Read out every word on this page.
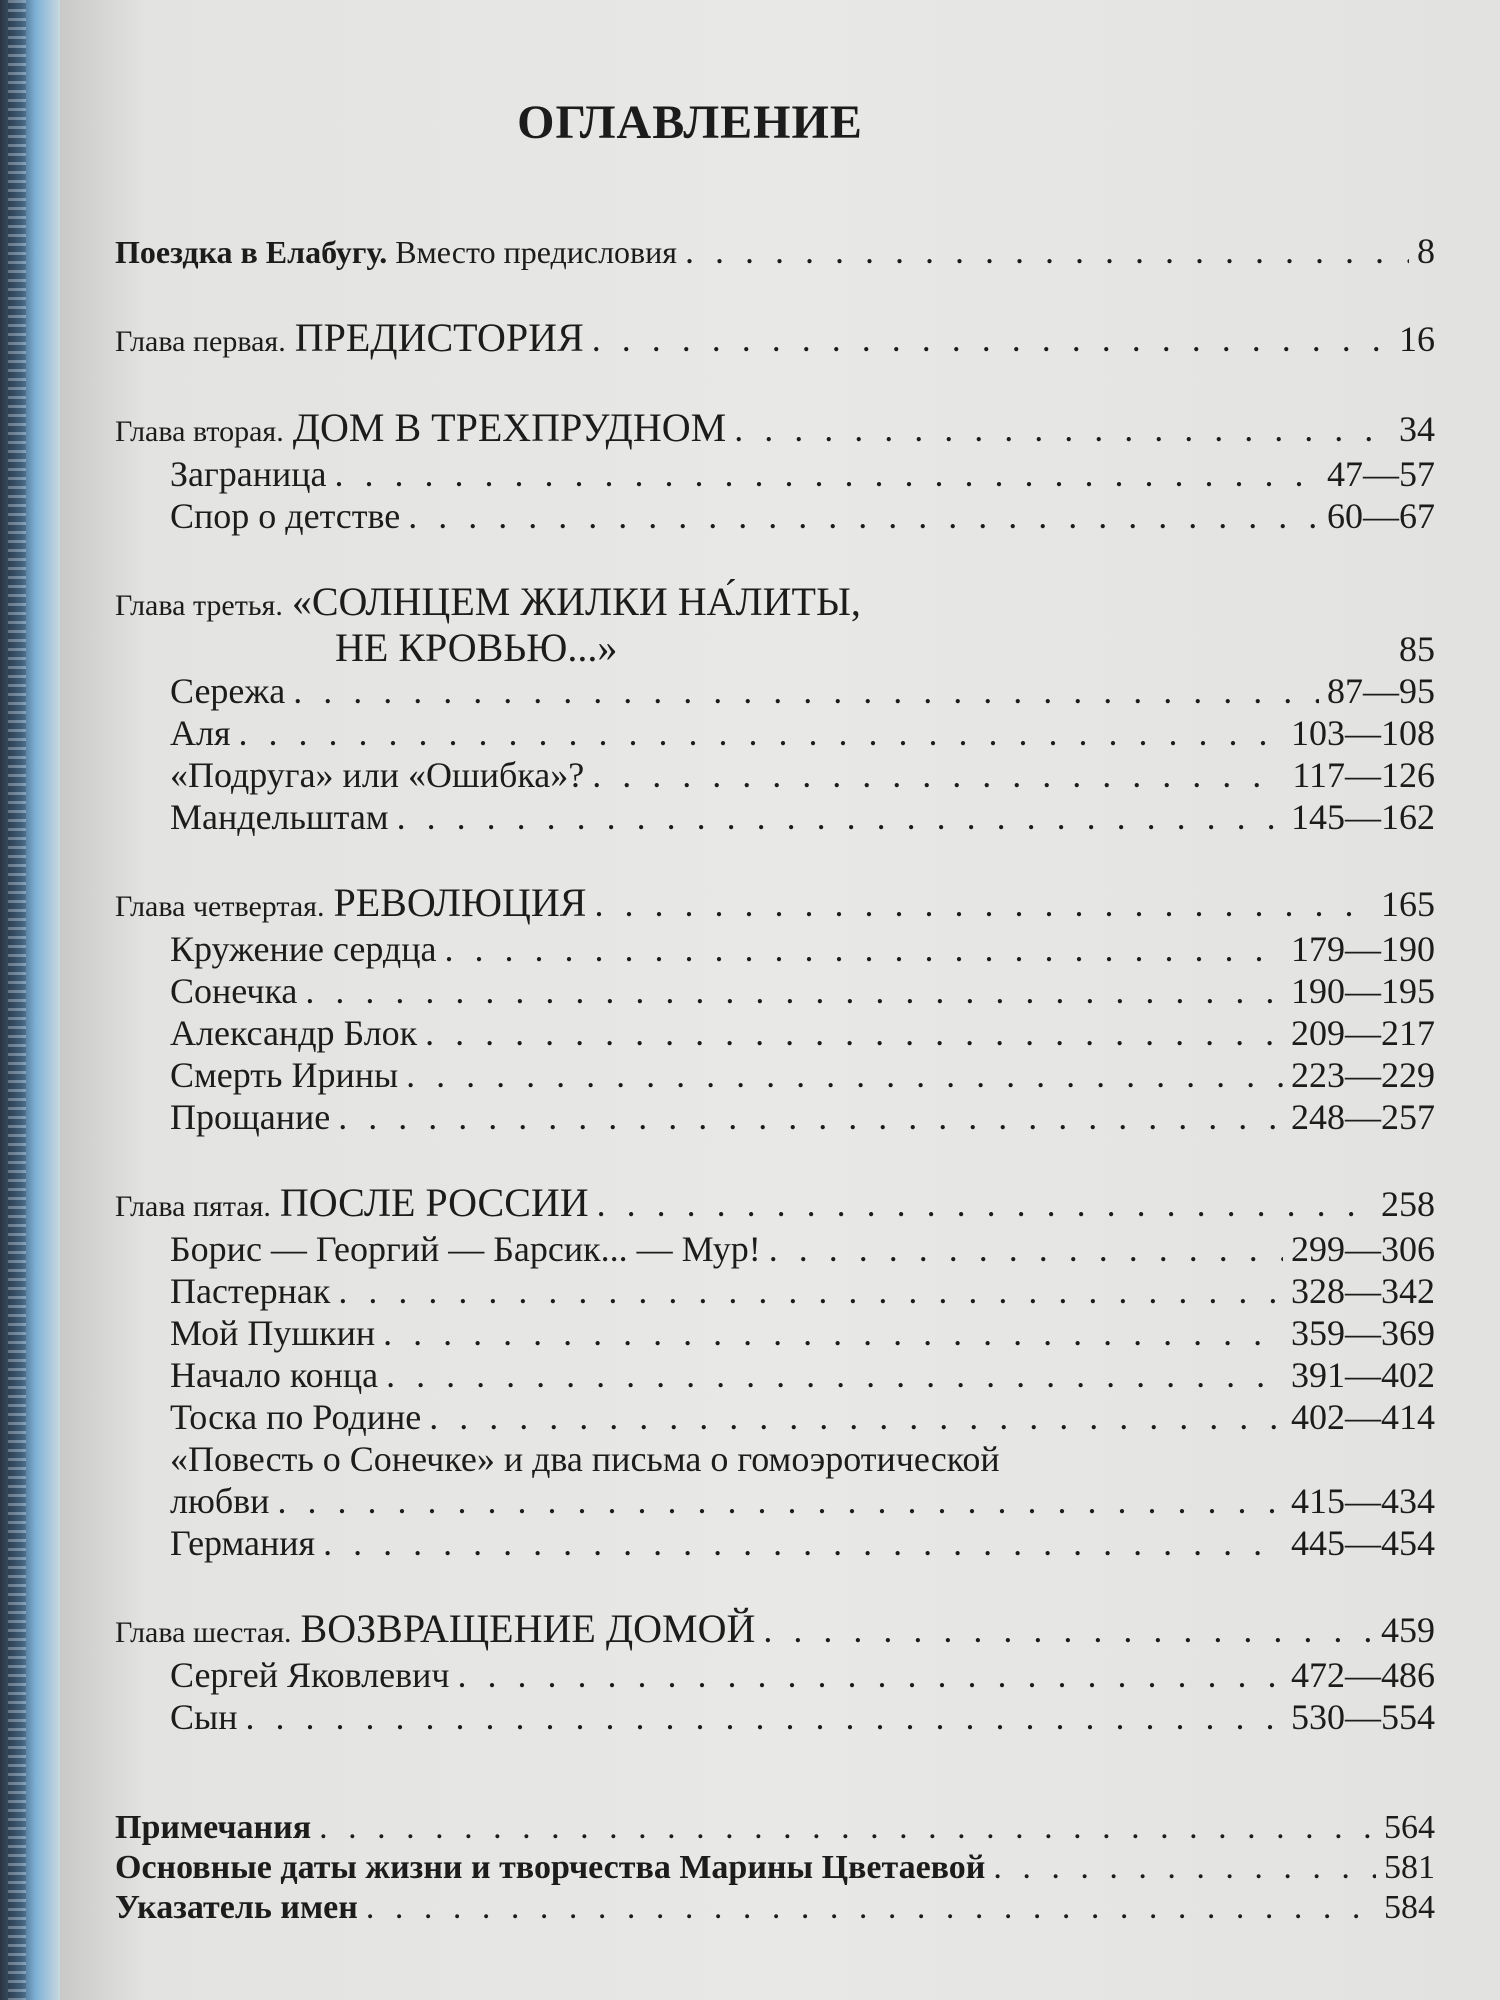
ОГЛАВЛЕНИЕ
Поездка в Елабугу. Вместо предисловия . . .	8
Глава первая. ПРЕДИСТОРИЯ . . .	16
Глава вторая. ДОМ В ТРЕХПРУДНОМ . . .	34
Заграница . . .	47—57
Спор о детстве . . .	60—67
Глава третья. «СОЛНЦЕМ ЖИЛКИ НА́ЛИТЫ,
НЕ КРОВЬЮ...»	85
Сережа . . .	87—95
Аля . . .	103—108
«Подруга» или «Ошибка»? . . .	117—126
Мандельштам . . .	145—162
Глава четвертая. РЕВОЛЮЦИЯ . . .	165
Кружение сердца . . .	179—190
Сонечка . . .	190—195
Александр Блок . . .	209—217
Смерть Ирины . . .	223—229
Прощание . . .	248—257
Глава пятая. ПОСЛЕ РОССИИ . . .	258
Борис — Георгий — Барсик... — Мур! . . .	299—306
Пастернак . . .	328—342
Мой Пушкин . . .	359—369
Начало конца . . .	391—402
Тоска по Родине . . .	402—414
«Повесть о Сонечке» и два письма о гомоэротической
любви . . .	415—434
Германия . . .	445—454
Глава шестая. ВОЗВРАЩЕНИЕ ДОМОЙ . . .	459
Сергей Яковлевич . . .	472—486
Сын . . .	530—554
Примечания . . .	564
Основные даты жизни и творчества Марины Цветаевой . . .	581
Указатель имен . . .	584
